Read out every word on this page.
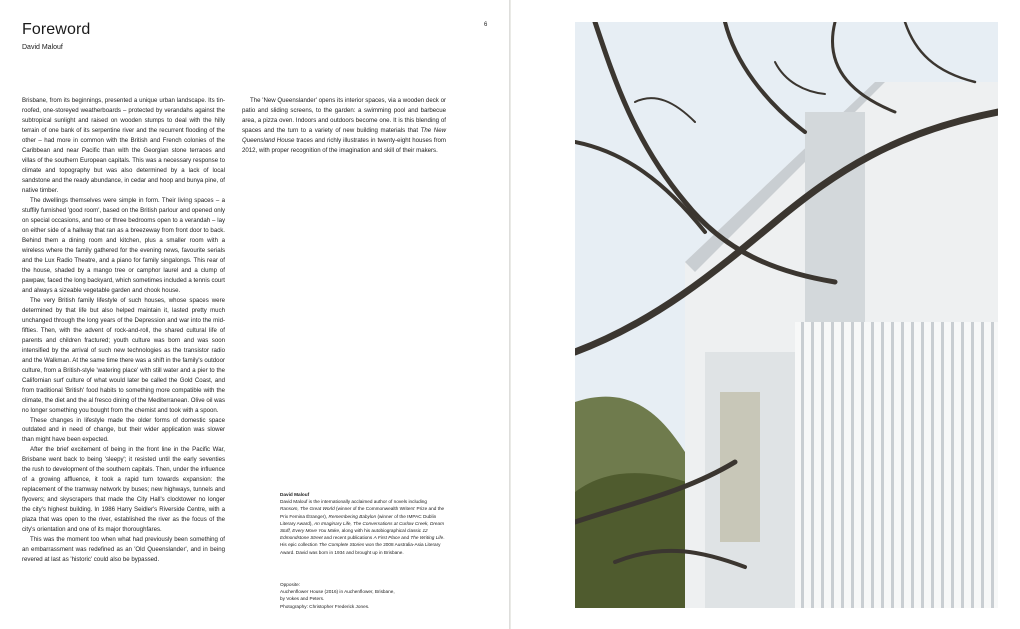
Foreword
David Malouf
6

Brisbane, from its beginnings, presented a unique urban landscape. Its tin-roofed, one-storeyed weatherboards – protected by verandahs against the subtropical sunlight and raised on wooden stumps to deal with the hilly terrain of one bank of its serpentine river and the recurrent flooding of the other – had more in common with the British and French colonies of the Caribbean and near Pacific than with the Georgian stone terraces and villas of the southern European capitals. This was a necessary response to climate and topography but was also determined by a lack of local sandstone and the ready abundance, in cedar and hoop and bunya pine, of native timber.

The dwellings themselves were simple in form. Their living spaces – a stuffily furnished 'good room', based on the British parlour and opened only on special occasions, and two or three bedrooms open to a verandah – lay on either side of a hallway that ran as a breezeway from front door to back. Behind them a dining room and kitchen, plus a smaller room with a wireless where the family gathered for the evening news, favourite serials and the Lux Radio Theatre, and a piano for family singalongs. This rear of the house, shaded by a mango tree or camphor laurel and a clump of pawpaw, faced the long backyard, which sometimes included a tennis court and always a sizeable vegetable garden and chook house.

The very British family lifestyle of such houses, whose spaces were determined by that life but also helped maintain it, lasted pretty much unchanged through the long years of the Depression and war into the mid-fifties. Then, with the advent of rock-and-roll, the shared cultural life of parents and children fractured; youth culture was born and was soon intensified by the arrival of such new technologies as the transistor radio and the Walkman. At the same time there was a shift in the family's outdoor culture, from a British-style 'watering place' with still water and a pier to the Californian surf culture of what would later be called the Gold Coast, and from traditional 'British' food habits to something more compatible with the climate, the diet and the al fresco dining of the Mediterranean. Olive oil was no longer something you bought from the chemist and took with a spoon.

These changes in lifestyle made the older forms of domestic space outdated and in need of change, but their wider application was slower than might have been expected.

After the brief excitement of being in the front line in the Pacific War, Brisbane went back to being 'sleepy'; it resisted until the early seventies the rush to development of the southern capitals. Then, under the influence of a growing affluence, it took a rapid turn towards expansion: the replacement of the tramway network by buses; new highways, tunnels and flyovers; and skyscrapers that made the City Hall's clocktower no longer the city's highest building. In 1986 Harry Seidler's Riverside Centre, with a plaza that was open to the river, established the river as the focus of the city's orientation and one of its major thoroughfares.

This was the moment too when what had previously been something of an embarrassment was redefined as an 'Old Queenslander', and in being revered at last as 'historic' could also be bypassed.

The 'New Queenslander' opens its interior spaces, via a wooden deck or patio and sliding screens, to the garden: a swimming pool and barbecue area, a pizza oven. Indoors and outdoors become one. It is this blending of spaces and the turn to a variety of new building materials that The New Queensland House traces and richly illustrates in twenty-eight houses from 2012, with proper recognition of the imagination and skill of their makers.

David Malouf
David Malouf is the internationally acclaimed author of novels including Ransom, The Great World (winner of the Commonwealth Writers' Prize and the Prix Femina Étranger), Remembering Babylon (winner of the IMPAC Dublin Literary Award), An Imaginary Life, The Conversations at Curlow Creek, Dream Stuff, Every Move You Make, along with his autobiographical classic 12 Edmondstone Street and recent publications A First Place and The Writing Life. His epic collection The Complete Stories won the 2008 Australia-Asia Literary Award. David was born in 1934 and brought up in Brisbane.
Opposite:
Auchenflower House (2016) in Auchenflower, Brisbane,
by Vokes and Peters.
Photography: Christopher Frederick Jones.
